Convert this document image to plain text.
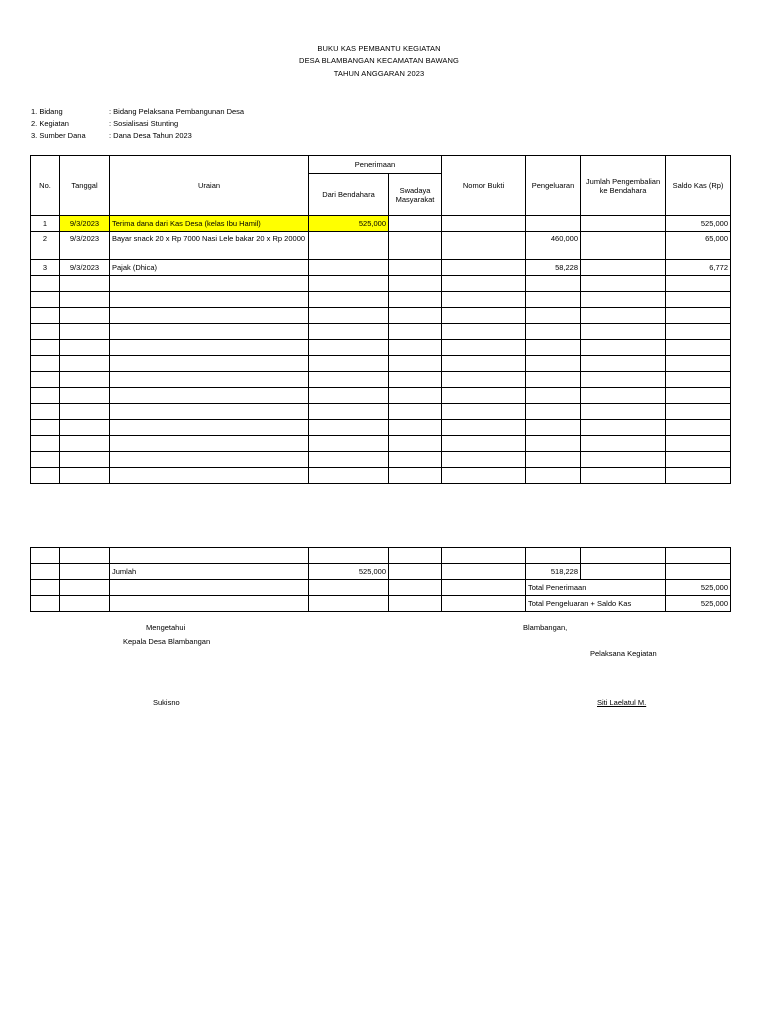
BUKU KAS PEMBANTU KEGIATAN
DESA BLAMBANGAN KECAMATAN BAWANG
TAHUN ANGGARAN 2023
1. Bidang	: Bidang Pelaksana Pembangunan Desa
2. Kegiatan	: Sosialisasi Stunting
3. Sumber Dana	: Dana Desa Tahun 2023
No.	Tanggal	Uraian	Penerimaan		Nomor Bukti	Pengeluaran	Jumlah Pengembalian ke Bendahara	Saldo Kas (Rp)
			Dari Bendahara	Swadaya Masyarakat				
1	9/3/2023	Terima dana dari Kas Desa (kelas Ibu Hamil)	525,000					525,000
2	9/3/2023	Bayar snack 20 x Rp 7000 Nasi Lele bakar 20 x Rp 20000				460,000		65,000
3	9/3/2023	Pajak (Dhica)				58,228		6,772

		Jumlah	525,000			518,228		
						Total Penerimaan		525,000
						Total Pengeluaran + Saldo Kas		525,000
Mengetahui
Kepala Desa Blambangan
Sukisno
Blambangan,
Pelaksana Kegiatan
Siti Laelatul M.
